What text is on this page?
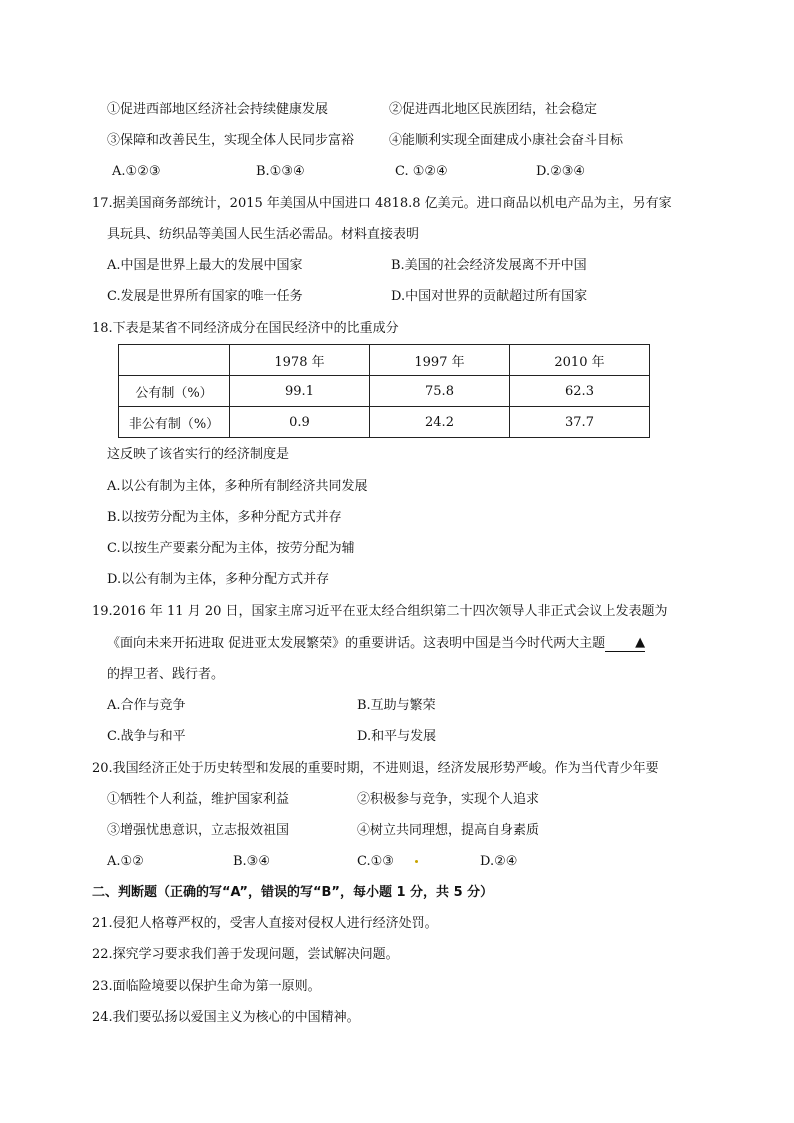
①促进西部地区经济社会持续健康发展	②促进西北地区民族团结，社会稳定
③保障和改善民生，实现全体人民同步富裕	④能顺利实现全面建成小康社会奋斗目标
A.①②③	B.①③④	C. ①②④	D.②③④
17.据美国商务部统计，2015 年美国从中国进口 4818.8 亿美元。进口商品以机电产品为主，另有家
具玩具、纺织品等美国人民生活必需品。材料直接表明
A.中国是世界上最大的发展中国家	B.美国的社会经济发展离不开中国
C.发展是世界所有国家的唯一任务	D.中国对世界的贡献超过所有国家
18.下表是某省不同经济成分在国民经济中的比重成分
	1978 年	1997 年	2010 年
公有制（%）	99.1	75.8	62.3
非公有制（%）	0.9	24.2	37.7
这反映了该省实行的经济制度是
A.以公有制为主体，多种所有制经济共同发展
B.以按劳分配为主体，多种分配方式并存
C.以按生产要素分配为主体，按劳分配为辅
D.以公有制为主体，多种分配方式并存
19.2016 年 11 月 20 日，国家主席习近平在亚太经合组织第二十四次领导人非正式会议上发表题为
《面向未来开拓进取 促进亚太发展繁荣》的重要讲话。这表明中国是当今时代两大主题 ▲
的捍卫者、践行者。
A.合作与竞争	B.互助与繁荣
C.战争与和平	D.和平与发展
20.我国经济正处于历史转型和发展的重要时期，不进则退，经济发展形势严峻。作为当代青少年要
①牺牲个人利益，维护国家利益	②积极参与竞争，实现个人追求
③增强忧患意识，立志报效祖国	④树立共同理想，提高自身素质
A.①②	B.③④	C.①③	D.②④
二、判断题（正确的写“A”，错误的写“B”，每小题 1 分，共 5 分）
21.侵犯人格尊严权的，受害人直接对侵权人进行经济处罚。
22.探究学习要求我们善于发现问题，尝试解决问题。
23.面临险境要以保护生命为第一原则。
24.我们要弘扬以爱国主义为核心的中国精神。
